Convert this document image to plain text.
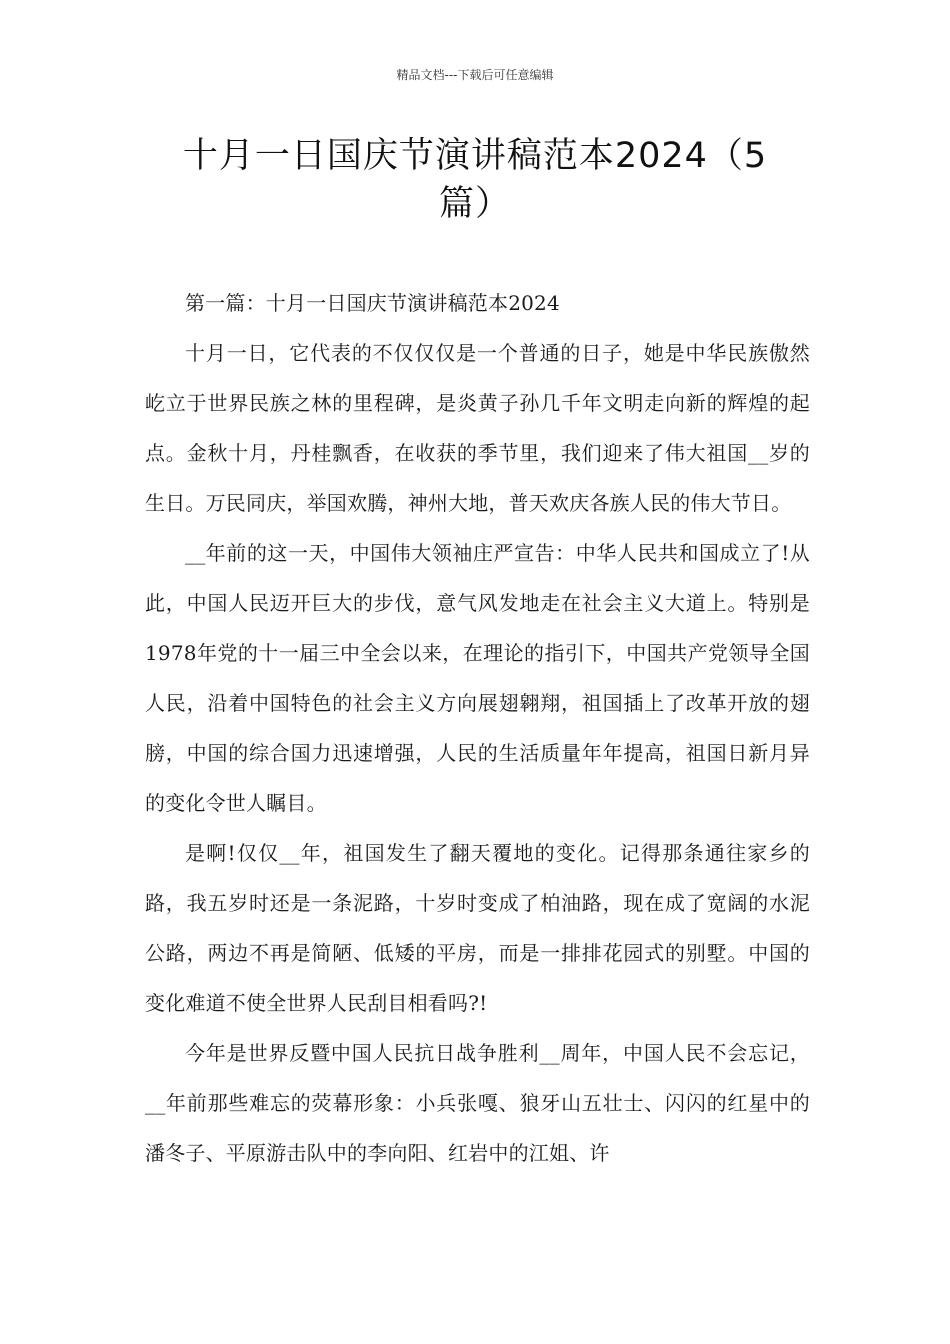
精品文档---下载后可任意编辑
十月一日国庆节演讲稿范本2024（5
篇）

第一篇：十月一日国庆节演讲稿范本2024

十月一日，它代表的不仅仅仅是一个普通的日子，她是中华民族傲然屹立于世界民族之林的里程碑，是炎黄子孙几千年文明走向新的辉煌的起点。金秋十月，丹桂飘香，在收获的季节里，我们迎来了伟大祖国__岁的生日。万民同庆，举国欢腾，神州大地，普天欢庆各族人民的伟大节日。

__年前的这一天，中国伟大领袖庄严宣告：中华人民共和国成立了!从此，中国人民迈开巨大的步伐，意气风发地走在社会主义大道上。特别是1978年党的十一届三中全会以来，在理论的指引下，中国共产党领导全国人民，沿着中国特色的社会主义方向展翅翱翔，祖国插上了改革开放的翅膀，中国的综合国力迅速增强，人民的生活质量年年提高，祖国日新月异的变化令世人瞩目。

是啊!仅仅__年，祖国发生了翻天覆地的变化。记得那条通往家乡的路，我五岁时还是一条泥路，十岁时变成了柏油路，现在成了宽阔的水泥公路，两边不再是简陋、低矮的平房，而是一排排花园式的别墅。中国的变化难道不使全世界人民刮目相看吗?!

今年是世界反暨中国人民抗日战争胜利__周年，中国人民不会忘记，__年前那些难忘的荧幕形象：小兵张嘎、狼牙山五壮士、闪闪的红星中的潘冬子、平原游击队中的李向阳、红岩中的江姐、许
